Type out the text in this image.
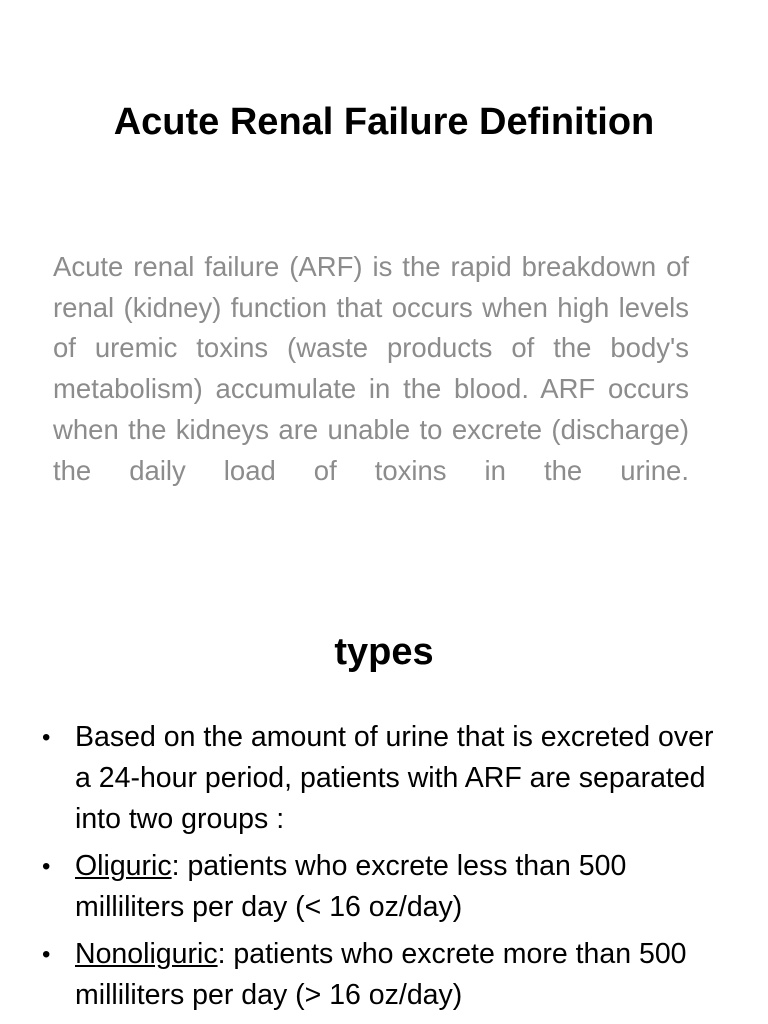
Acute Renal Failure Definition

Acute renal failure (ARF) is the rapid breakdown of renal (kidney) function that occurs when high levels of uremic toxins (waste products of the body's metabolism) accumulate in the blood. ARF occurs when the kidneys are unable to excrete (discharge) the daily load of toxins in the urine.

types
• Based on the amount of urine that is excreted over a 24-hour period, patients with ARF are separated into two groups :
• Oliguric: patients who excrete less than 500 milliliters per day (< 16 oz/day)
• Nonoliguric: patients who excrete more than 500 milliliters per day (> 16 oz/day)
